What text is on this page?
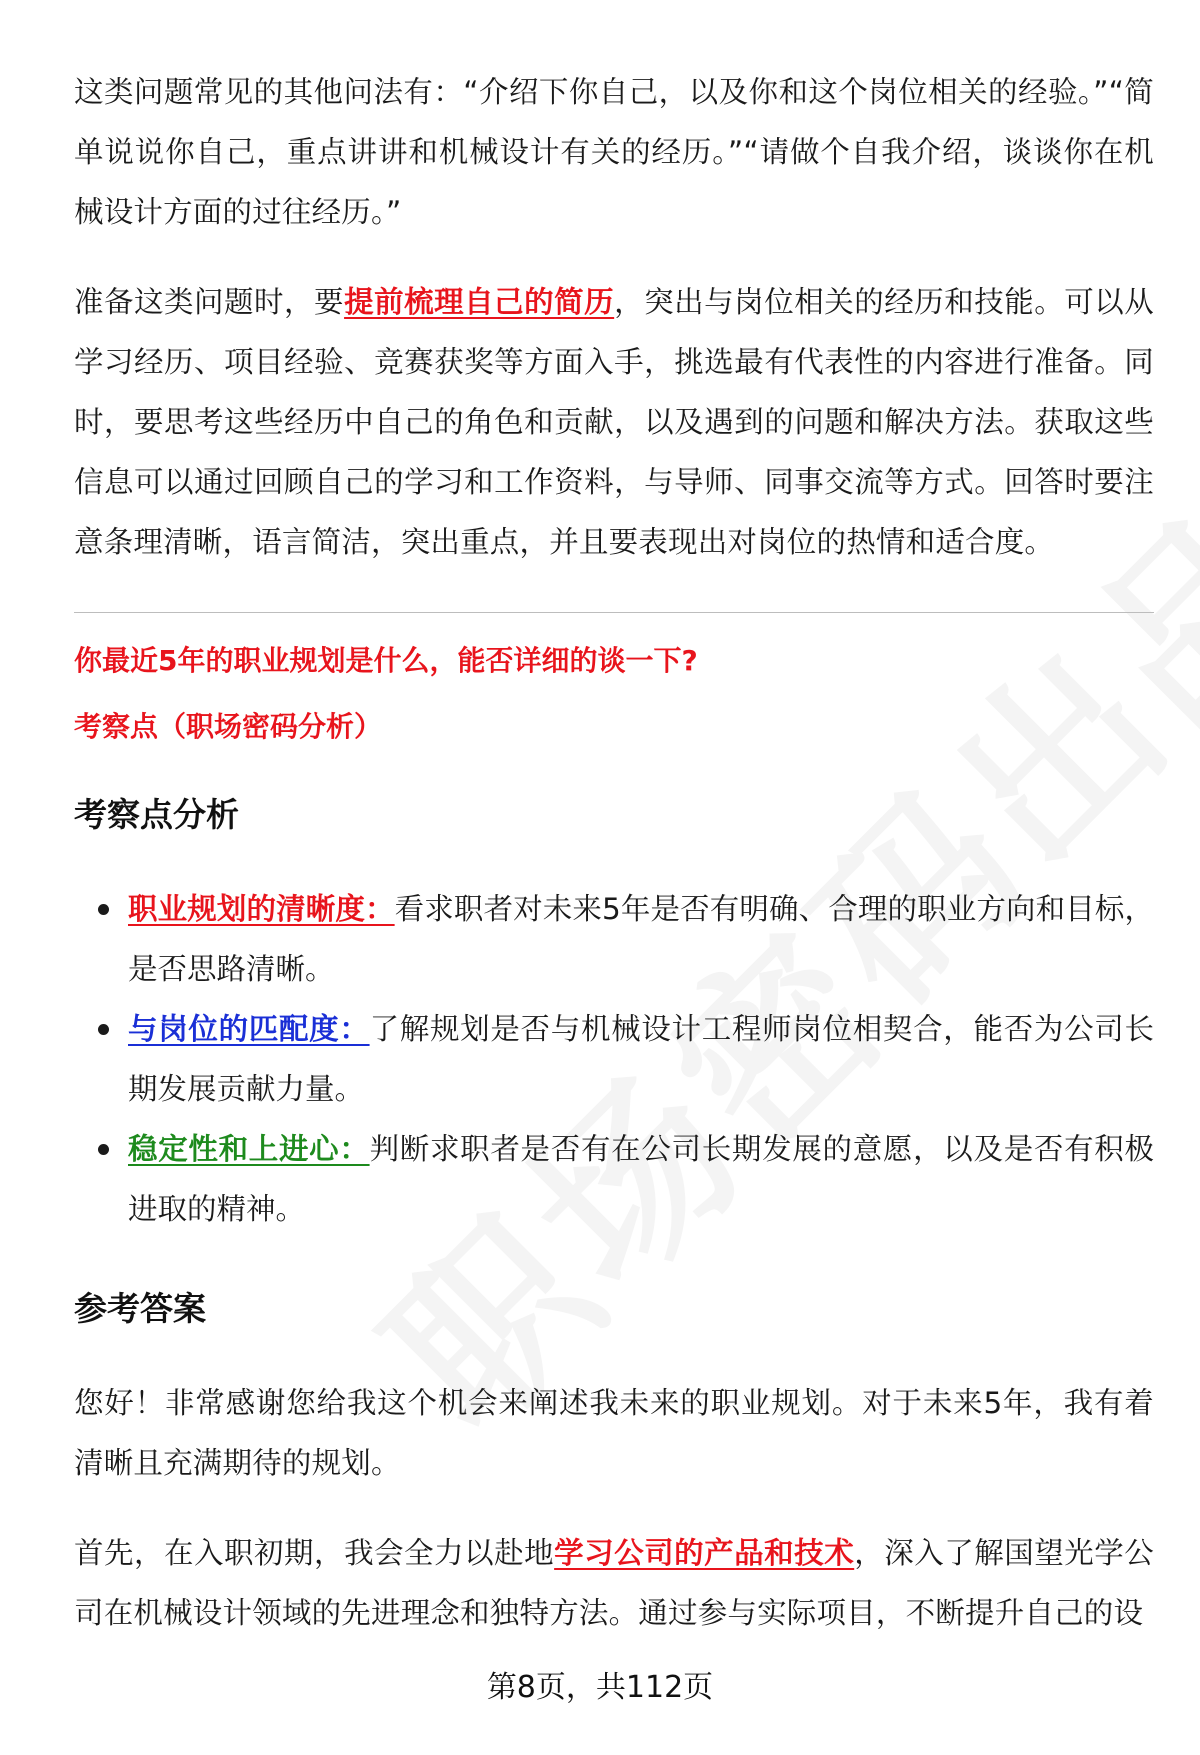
这类问题常见的其他问法有：“介绍下你自己，以及你和这个岗位相关的经验。”“简单说说你自己，重点讲讲和机械设计有关的经历。”“请做个自我介绍，谈谈你在机械设计方面的过往经历。”

准备这类问题时，要提前梳理自己的简历，突出与岗位相关的经历和技能。可以从学习经历、项目经验、竞赛获奖等方面入手，挑选最有代表性的内容进行准备。同时，要思考这些经历中自己的角色和贡献，以及遇到的问题和解决方法。获取这些信息可以通过回顾自己的学习和工作资料，与导师、同事交流等方式。回答时要注意条理清晰，语言简洁，突出重点，并且要表现出对岗位的热情和适合度。

你最近5年的职业规划是什么，能否详细的谈一下?

考察点（职场密码分析）

考察点分析
职业规划的清晰度：看求职者对未来5年是否有明确、合理的职业方向和目标，是否思路清晰。
与岗位的匹配度：了解规划是否与机械设计工程师岗位相契合，能否为公司长期发展贡献力量。
稳定性和上进心：判断求职者是否有在公司长期发展的意愿，以及是否有积极进取的精神。
参考答案

您好！非常感谢您给我这个机会来阐述我未来的职业规划。对于未来5年，我有着清晰且充满期待的规划。

首先，在入职初期，我会全力以赴地学习公司的产品和技术，深入了解国望光学公司在机械设计领域的先进理念和独特方法。通过参与实际项目，不断提升自己的设

第8页，共112页
